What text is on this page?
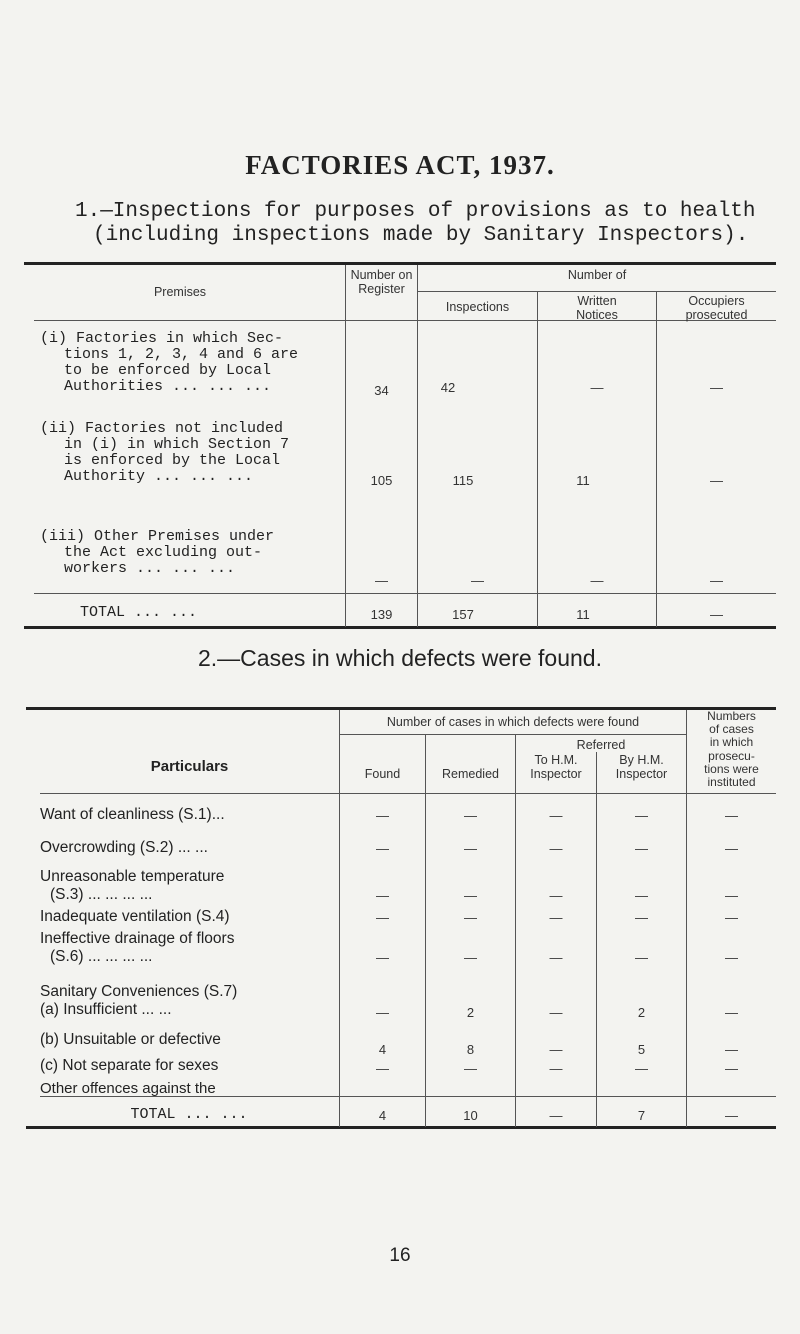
FACTORIES ACT, 1937.
1.—Inspections for purposes of provisions as to health
(including inspections made by Sanitary Inspectors).
Premises
Number on
Register
Number of
Inspections	Written
Notices
Occupiers
prosecuted
(i) Factories in which Sec-
tions 1, 2, 3, 4 and 6 are
to be enforced by Local
Authorities ... ... ...	34	42	—	—
(ii) Factories not included
in (i) in which Section 7
is enforced by the Local
Authority ... ... ...	105	115	11	—
(iii) Other Premises under
the Act excluding out-
workers ... ... ...
—	—	—	—
TOTAL ... ...	139	157	11	—
2.—Cases in which defects were found.
Particulars
Number of cases in which defects were found
Found	Remedied
Referred
To H.M.
Inspector
By H.M.
Inspector
Numbers
of cases
in which
prosecu-
tions were
instituted
Want of cleanliness (S.1)...	—	—	—	—	—
Overcrowding (S.2) ... ...	—	—	—	—	—
Unreasonable temperature
(S.3) ... ... ... ...	—	—	—	—	—
Inadequate ventilation (S.4)	—	—	—	—	—
Ineffective drainage of floors
(S.6) ... ... ... ...	—	—	—	—	—
Sanitary Conveniences (S.7)
(a) Insufficient ... ...	—	2	—	2	—
(b) Unsuitable or defective
4	8	—	5	—
(c) Not separate for sexes	—	—	—	—	—
Other offences against the
TOTAL ... ...	4	10	—	7	—
16
